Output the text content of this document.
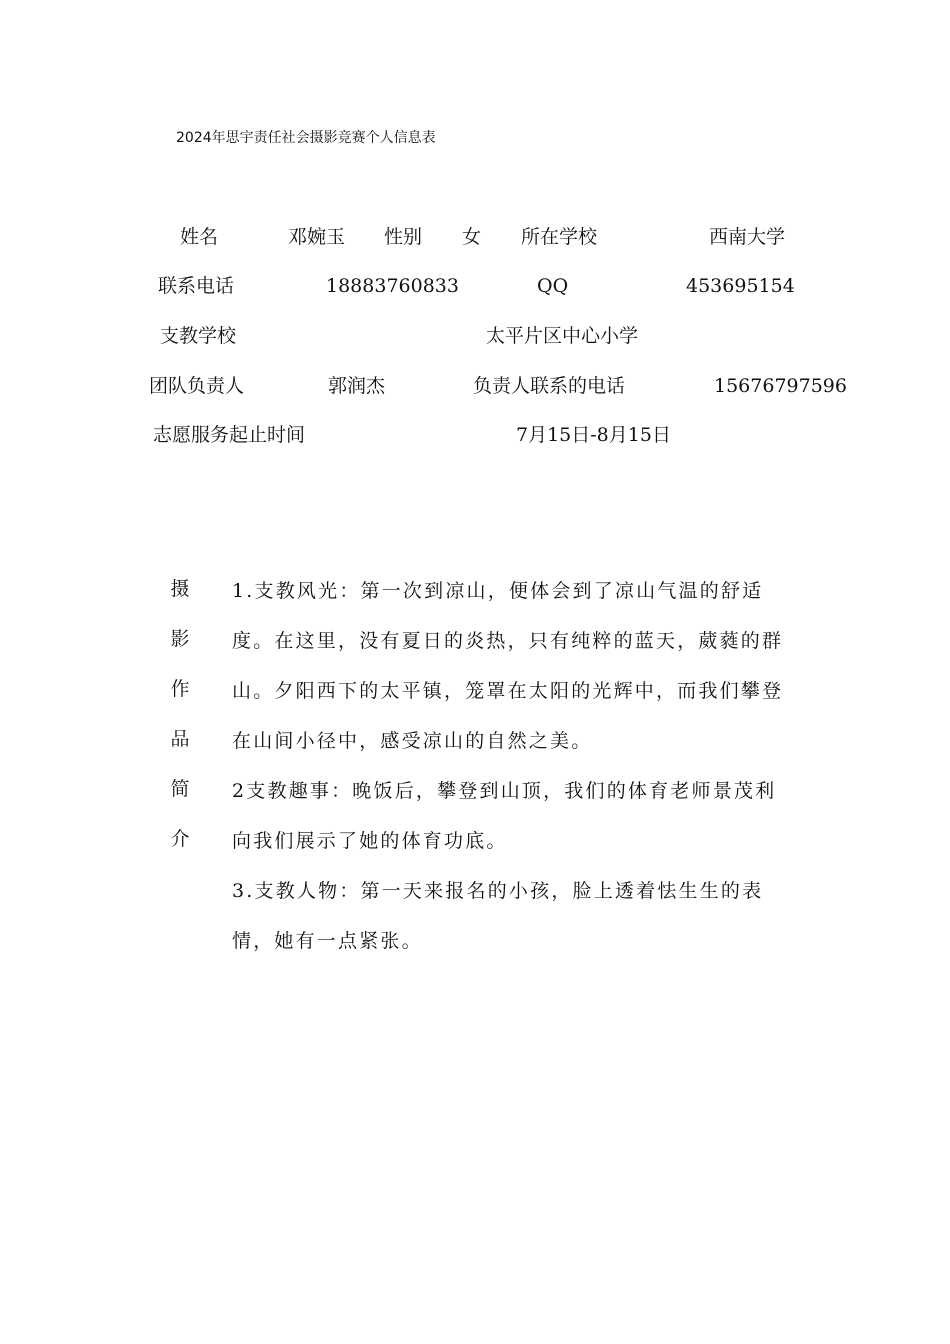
2024年思宇责任社会摄影竞赛个人信息表
姓名	邓婉玉 性别 女 所在学校	西南大学
联系电话	18883760833	QQ	453695154
支教学校	太平片区中心小学
团队负责人	郭润杰	负责人联系的电话	15676797596
志愿服务起止时间	7月15日-8月15日
摄
影
作
品
简
介
1.支教风光：第一次到凉山，便体会到了凉山气温的舒适度。在这里，没有夏日的炎热，只有纯粹的蓝天，葳蕤的群山。夕阳西下的太平镇，笼罩在太阳的光辉中，而我们攀登在山间小径中，感受凉山的自然之美。
2支教趣事：晚饭后，攀登到山顶，我们的体育老师景茂利向我们展示了她的体育功底。
3.支教人物：第一天来报名的小孩，脸上透着怯生生的表情，她有一点紧张。
